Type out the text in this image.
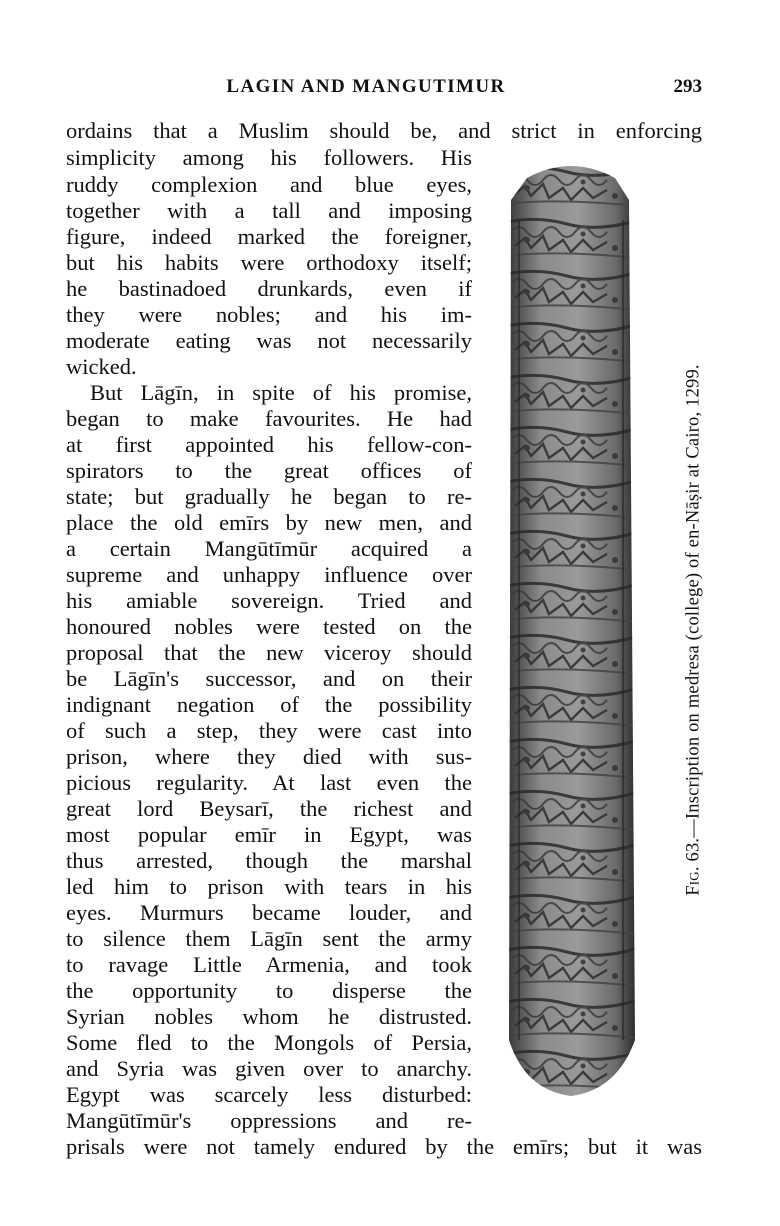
LAGIN AND MANGUTIMUR	293
ordains that a Muslim should be, and strict in enforcing
simplicity among his followers. His
ruddy complexion and blue eyes,
together with a tall and imposing
figure, indeed marked the foreigner,
but his habits were orthodoxy itself;
he bastinadoed drunkards, even if
they were nobles; and his im-
moderate eating was not necessarily
wicked.
But Lāgīn, in spite of his promise,
began to make favourites. He had
at first appointed his fellow-con-
spirators to the great offices of
state; but gradually he began to re-
place the old emīrs by new men, and
a certain Mangūtīmūr acquired a
supreme and unhappy influence over
his amiable sovereign. Tried and
honoured nobles were tested on the
proposal that the new viceroy should
be Lāgīn's successor, and on their
indignant negation of the possibility
of such a step, they were cast into
prison, where they died with sus-
picious regularity. At last even the
great lord Beysarī, the richest and
most popular emīr in Egypt, was
thus arrested, though the marshal
led him to prison with tears in his
eyes. Murmurs became louder, and
to silence them Lāgīn sent the army
to ravage Little Armenia, and took
the opportunity to disperse the
Syrian nobles whom he distrusted.
Some fled to the Mongols of Persia,
and Syria was given over to anarchy.
Egypt was scarcely less disturbed:
Mangūtīmūr's oppressions and re-
prisals were not tamely endured by the emīrs; but it was
Fig. 63.—Inscription on medresa (college) of en-Nāṣir at Cairo, 1299.
